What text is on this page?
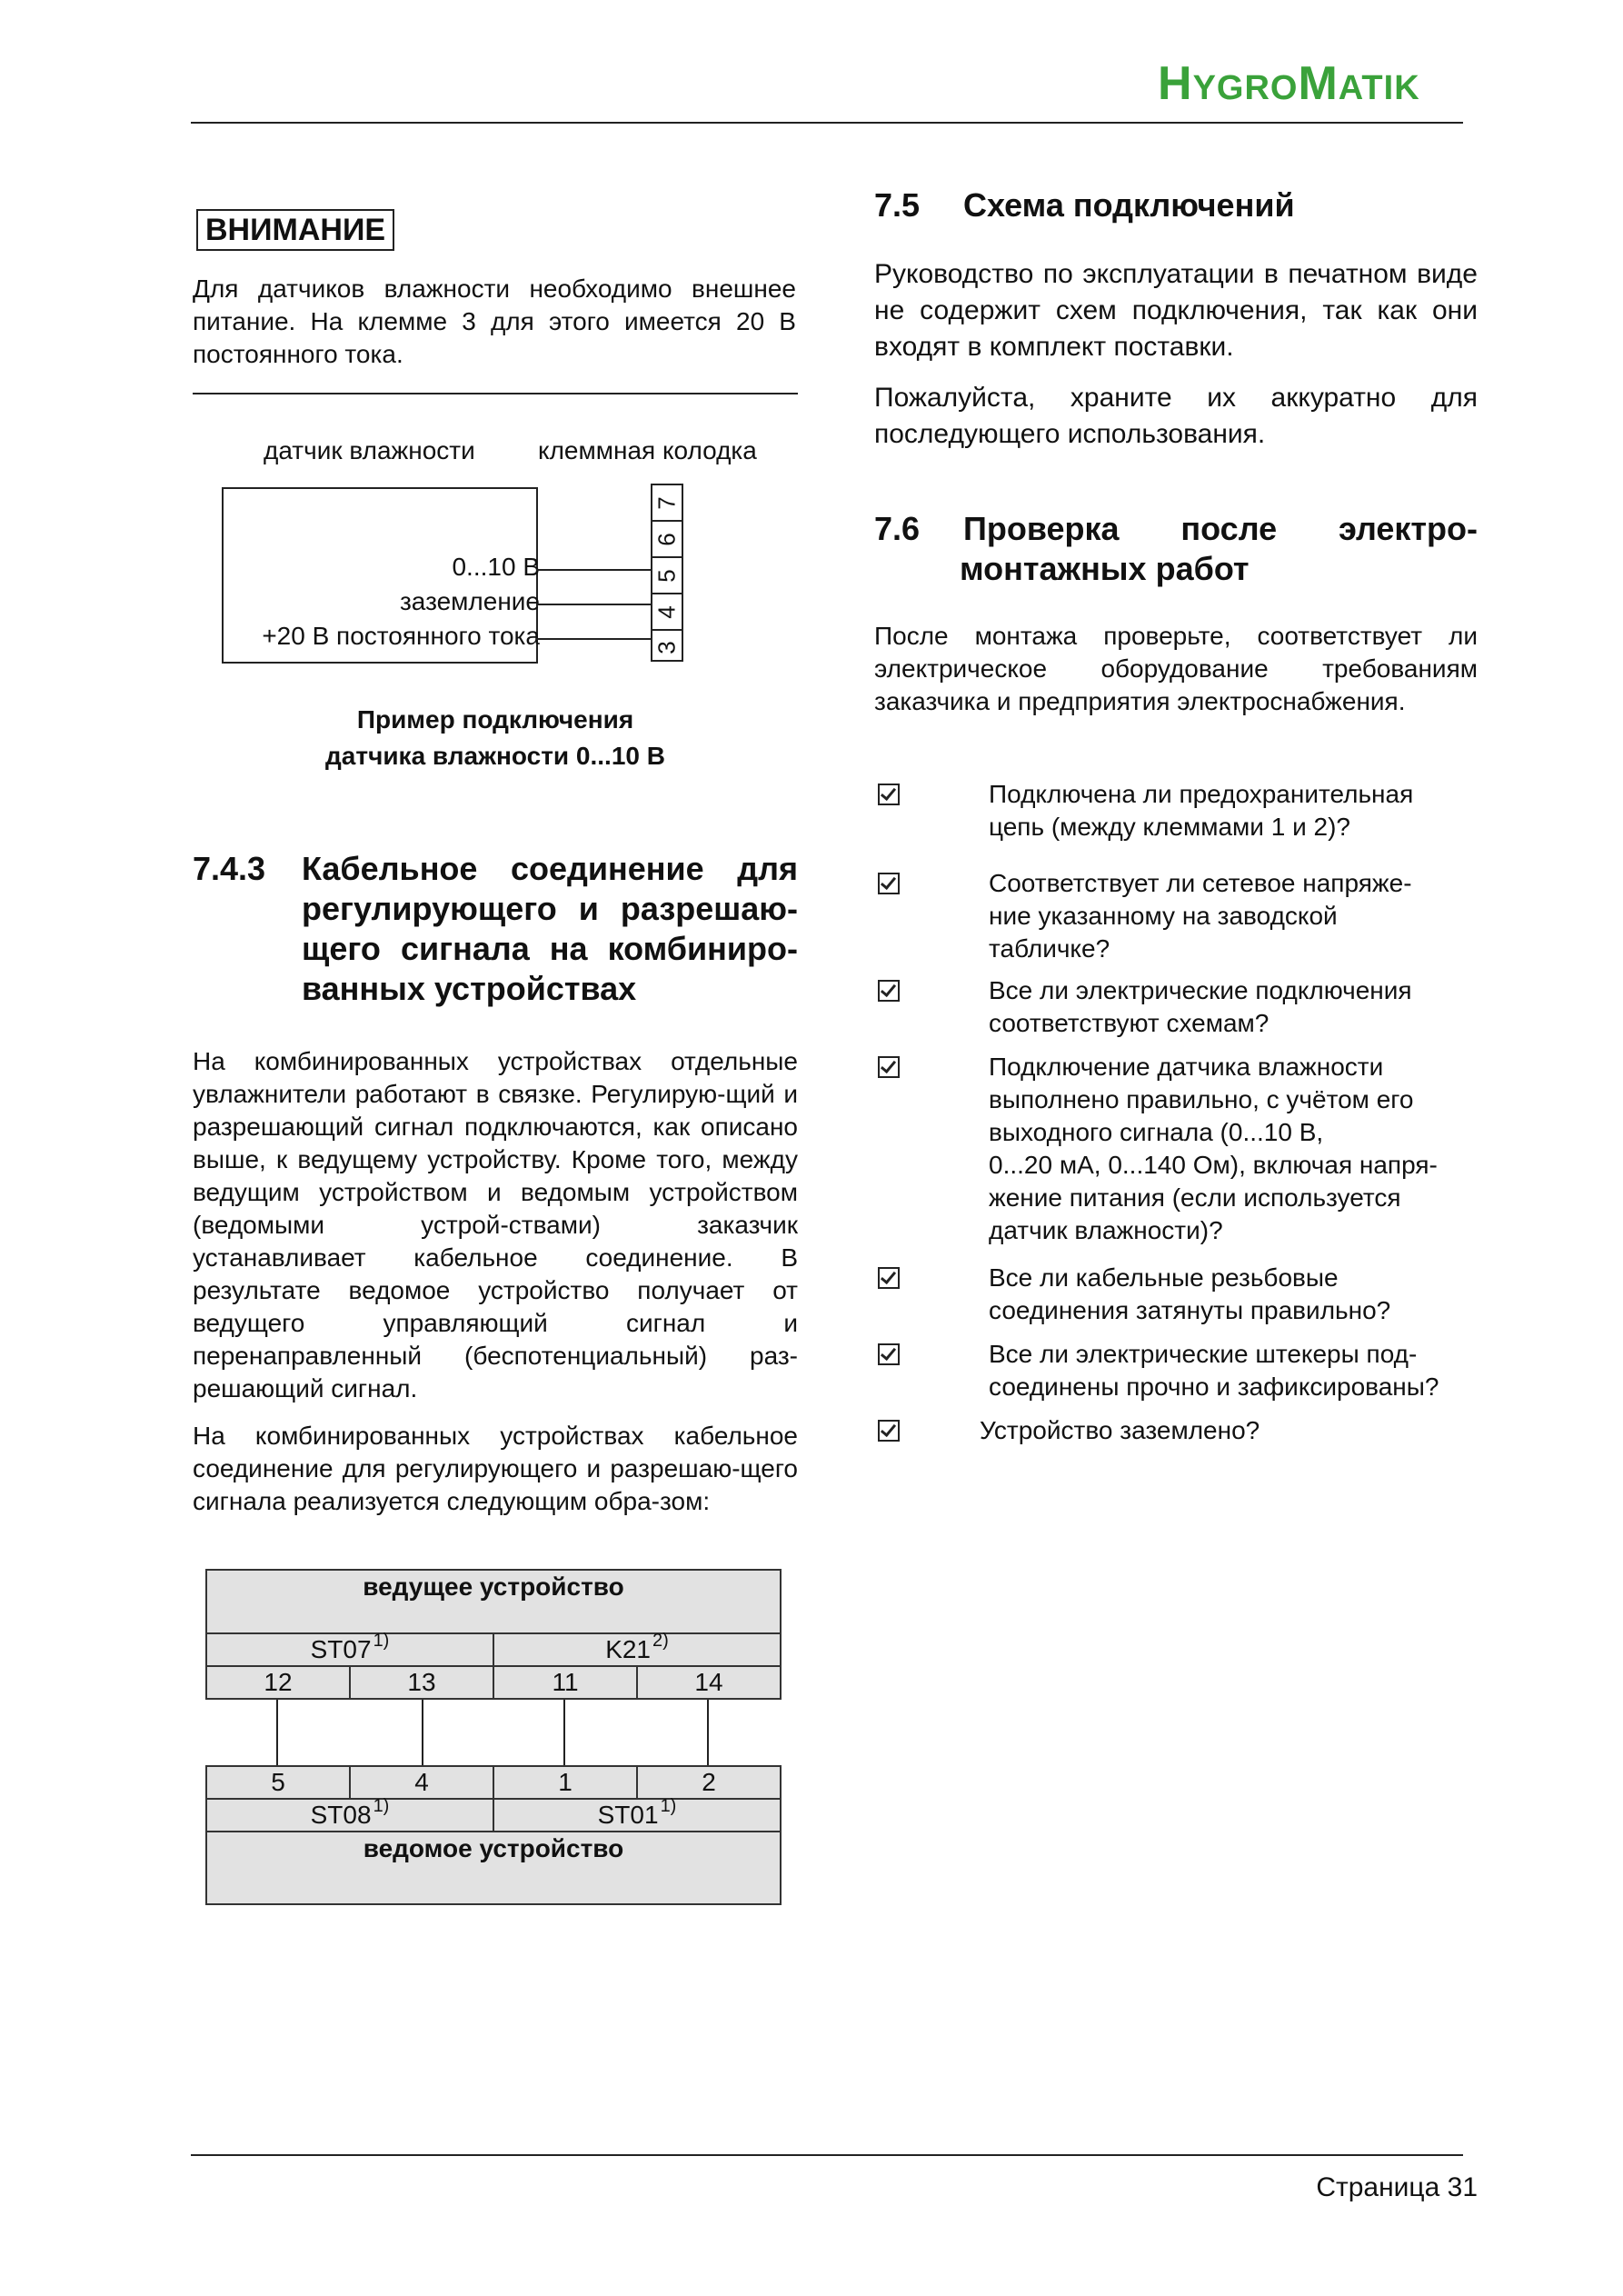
HYGROMATIK
ВНИМАНИЕ

Для датчиков влажности необходимо внешнее питание. На клемме 3 для этого имеется 20 В постоянного тока.

датчик влажности клеммная колодка
0...10 В
заземление
+20 В постоянного тока
7
6
5
4
3
Пример подключения
датчика влажности 0...10 В
7.4.3 Кабельное соединение для регулирующего и разрешаю-щего сигнала на комбиниро-ванных устройствах

На комбинированных устройствах отдельные увлажнители работают в связке. Регулирую-щий и разрешающий сигнал подключаются, как описано выше, к ведущему устройству. Кроме того, между ведущим устройством и ведомым устройством (ведомыми устрой-ствами) заказчик устанавливает кабельное соединение. В результате ведомое устройство получает от ведущего управляющий сигнал и перенаправленный (беспотенциальный) раз-решающий сигнал.

На комбинированных устройствах кабельное соединение для регулирующего и разрешаю-щего сигнала реализуется следующим обра-зом:

ведущее устройство
ST07 1)	K21 2)
12	13	11	14
5	4	1	2
ST08 1)	ST01 1)
ведомое устройство
7.5 Схема подключений

Руководство по эксплуатации в печатном виде не содержит схем подключения, так как они входят в комплект поставки.

Пожалуйста, храните их аккуратно для последующего использования.

7.6 Проверка после электро-
монтажных работ

После монтажа проверьте, соответствует ли электрическое оборудование требованиям заказчика и предприятия электроснабжения.

Подключена ли предохранительная
цепь (между клеммами 1 и 2)?
Соответствует ли сетевое напряже-
ние указанному на заводской
табличке?
Все ли электрические подключения
соответствуют схемам?
Подключение датчика влажности
выполнено правильно, с учётом его
выходного сигнала (0...10 В,
0...20 мА, 0...140 Ом), включая напря-
жение питания (если используется
датчик влажности)?
Все ли кабельные резьбовые
соединения затянуты правильно?
Все ли электрические штекеры под-
соединены прочно и зафиксированы?
Устройство заземлено?
Страница 31
